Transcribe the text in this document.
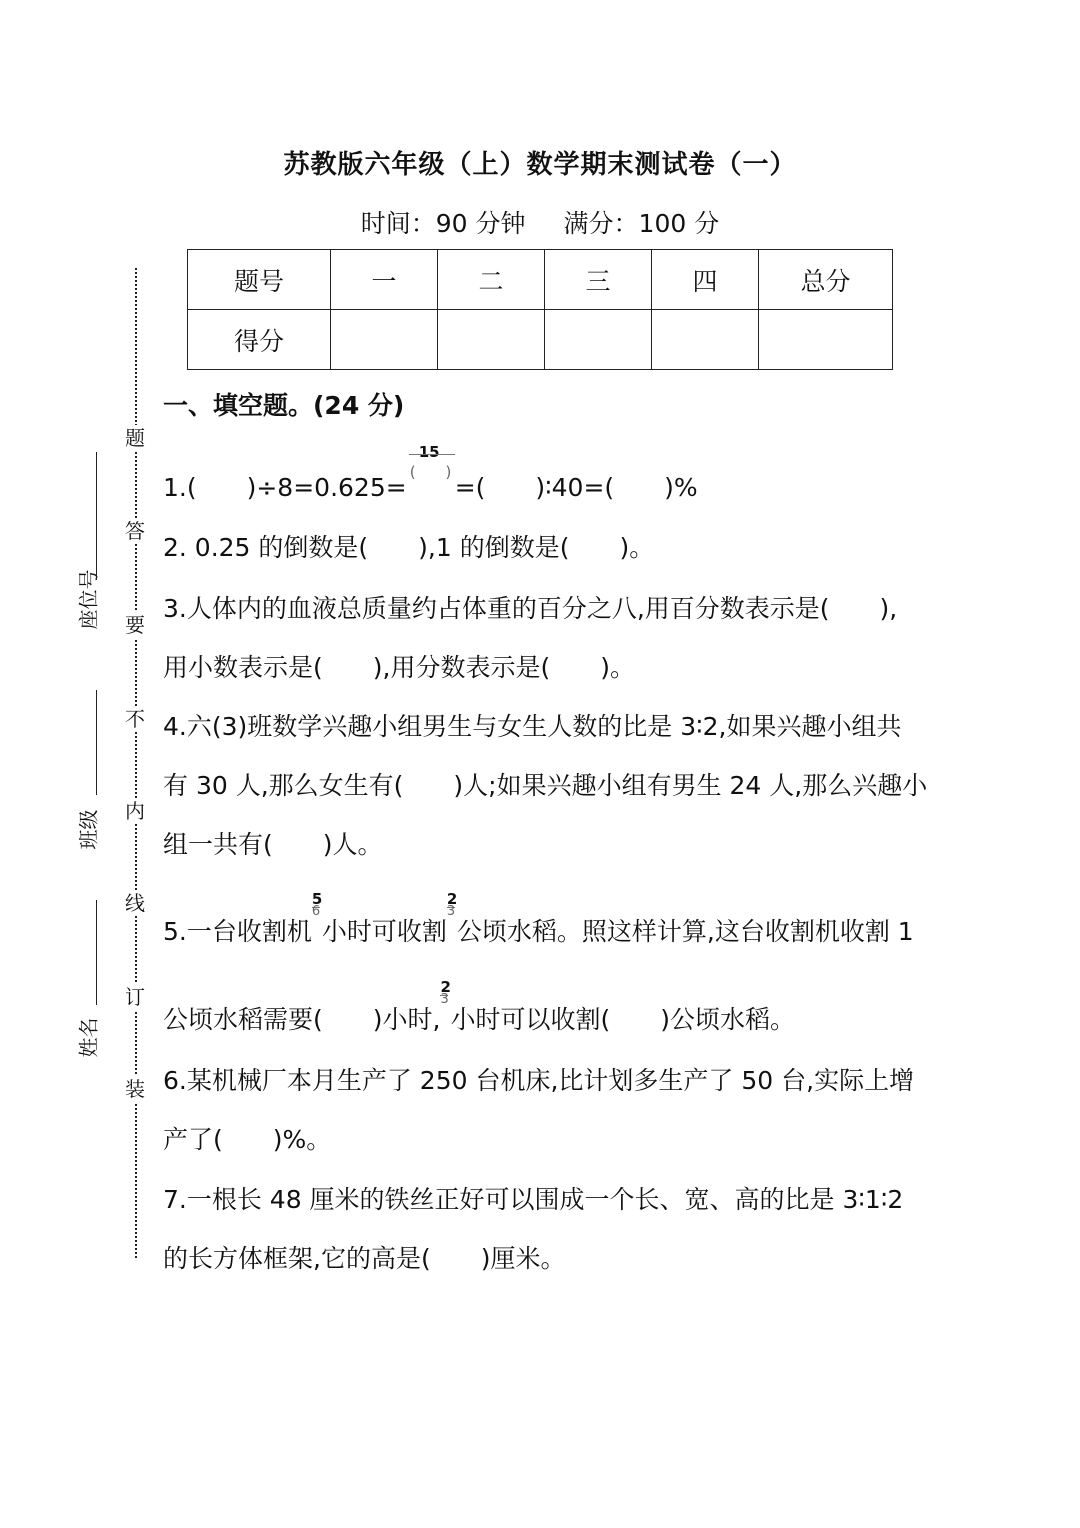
题
答
要
不
内
线
订
装
座位号
班级
姓名
苏教版六年级（上）数学期末测试卷（一）
时间：90 分钟 满分：100 分
题号	一	二	三	四	总分
得分					
一、填空题。(24 分)
1.(　　)÷8=0.625=
15
(　　)
=(　　)∶40=(　　)%
2. 0.25 的倒数是(　　),1 的倒数是(　　)。
3.人体内的血液总质量约占体重的百分之八,用百分数表示是(　　),
用小数表示是(　　),用分数表示是(　　)。
4.六(3)班数学兴趣小组男生与女生人数的比是 3∶2,如果兴趣小组共
有 30 人,那么女生有(　　)人;如果兴趣小组有男生 24 人,那么兴趣小
组一共有(　　)人。
5.一台收割机 $\frac{5}{6}$ 小时可收割 $\frac{2}{3}$ 公顷水稻。照这样计算,这台收割机收割 1
公顷水稻需要(　　)小时, $\frac{2}{3}$ 小时可以收割(　　)公顷水稻。
6.某机械厂本月生产了 250 台机床,比计划多生产了 50 台,实际上增
产了(　　)%。
7.一根长 48 厘米的铁丝正好可以围成一个长、宽、高的比是 3∶1∶2
的长方体框架,它的高是(　　)厘米。
